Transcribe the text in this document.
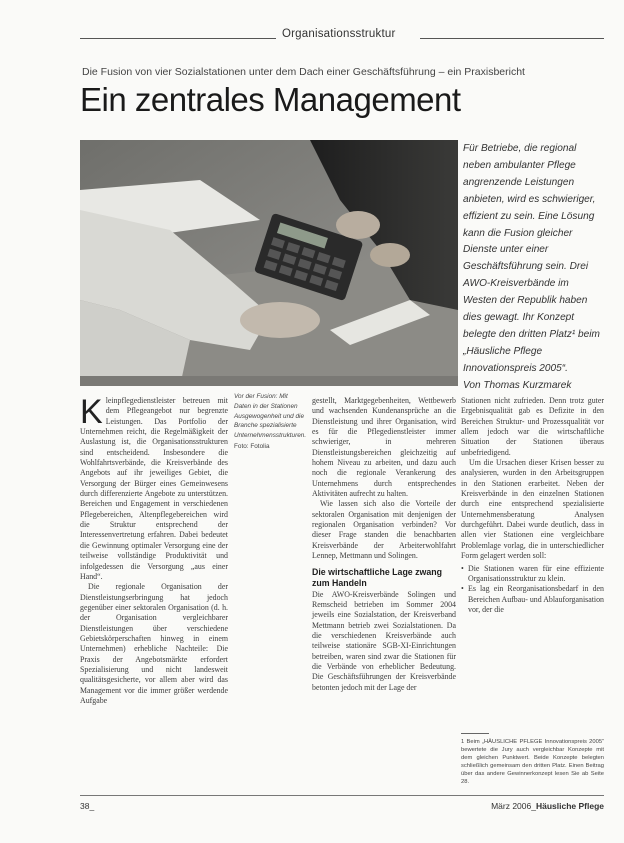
Organisationsstruktur
Die Fusion von vier Sozialstationen unter dem Dach einer Geschäftsführung – ein Praxisbericht
Ein zentrales Management

Für Betriebe, die regional neben ambulanter Pflege angrenzende Leistungen anbieten, wird es schwieriger, effizient zu sein. Eine Lösung kann die Fusion gleicher Dienste unter einer Geschäftsführung sein. Drei AWO-Kreisverbände im Westen der Republik haben dies gewagt. Ihr Konzept belegte den dritten Platz¹ beim „Häusliche Pflege Innovationspreis 2005“.

Von Thomas Kurzmarek

Vor der Fusion: Mit Daten in der Stationen Ausgewogenheit und die Branche spezialisierte Unternehmensstrukturen.
Foto: Fotolia

Kleinpflegedienstleister betreuen mit dem Pflegeangebot nur begrenzte Leistungen. Das Portfolio der Unternehmen reicht, die Regelmäßigkeit der Auslastung ist, die Organisationsstrukturen sind entscheidend. Insbesondere die Wohlfahrtsverbände, die Kreisverbände des Angebots auf ihr jeweiliges Gebiet, die Versorgung der Bürger eines Gemeinwesens durch differenzierte Angebote zu unterstützen. Bereichen und Engagement in verschiedenen Pflegebereichen, Altenpflegebereichen wird die Struktur entsprechend der Interessenvertretung erfahren. Dabei bedeutet die Gewinnung optimaler Versorgung eine der teilweise vollständige Produktivität und infolgedessen die Versorgung „aus einer Hand“.

Die regionale Organisation der Dienstleistungserbringung hat jedoch gegenüber einer sektoralen Organisation (d. h. der Organisation vergleichbarer Dienstleistungen über verschiedene Gebietskörperschaften hinweg in einem Unternehmen) erhebliche Nachteile: Die Praxis der Angebotsmärkte erfordert Spezialisierung und nicht landesweit qualitätsgesicherte, vor allem aber wird das Management vor die immer größer werdende Aufgabe

gestellt, Marktgegebenheiten, Wettbewerb und wachsenden Kundenansprüche an die Dienstleistung und ihrer Organisation, wird es für die Pflegedienstleister immer schwieriger, in mehreren Dienstleistungsbereichen gleichzeitig auf hohem Niveau zu arbeiten, und dazu auch noch die regionale Verankerung des Unternehmens durch entsprechendes Aktivitäten aufrecht zu halten.

Wie lassen sich also die Vorteile der sektoralen Organisation mit denjenigen der regionalen Organisation verbinden? Vor dieser Frage standen die benachbarten Kreisverbände der Arbeiterwohlfahrt Lennep, Mettmann und Solingen.

Die wirtschaftliche Lage zwang zum Handeln

Die AWO-Kreisverbände Solingen und Remscheid betrieben im Sommer 2004 jeweils eine Sozialstation, der Kreisverband Mettmann betrieb zwei Sozialstationen. Da die verschiedenen Kreisverbände auch teilweise stationäre SGB-XI-Einrichtungen betreiben, waren sind zwar die Stationen für die Verbände von erheblicher Bedeutung. Die Geschäftsführungen der Kreisverbände betonten jedoch mit der Lage der

Stationen nicht zufrieden. Denn trotz guter Ergebnisqualität gab es Defizite in den Bereichen Struktur- und Prozessqualität vor allem jedoch war die wirtschaftliche Situation der Stationen überaus unbefriedigend.

Um die Ursachen dieser Krisen besser zu analysieren, wurden in den Arbeitsgruppen in den Stationen erarbeitet. Neben der Kreisverbände in den einzelnen Stationen durch eine entsprechend spezialisierte Unternehmensberatung Analysen durchgeführt. Dabei wurde deutlich, dass in allen vier Stationen eine vergleichbare Problemlage vorlag, die in unterschiedlicher Form gelagert werden soll:

• Die Stationen waren für eine effiziente Organisationsstruktur zu klein.
• Es lag ein Reorganisationsbedarf in den Bereichen Aufbau- und Ablauforganisation vor, der die
1 Beim „HÄUSLICHE PFLEGE Innovationspreis 2005“ bewertete die Jury auch vergleichbar Konzepte mit dem gleichen Punktwert. Beide Konzepte belegten schließlich gemeinsam den dritten Platz. Einen Beitrag über das andere Gewinnerkonzept lesen Sie ab Seite 28.
38_	März 2006_Häusliche Pflege
